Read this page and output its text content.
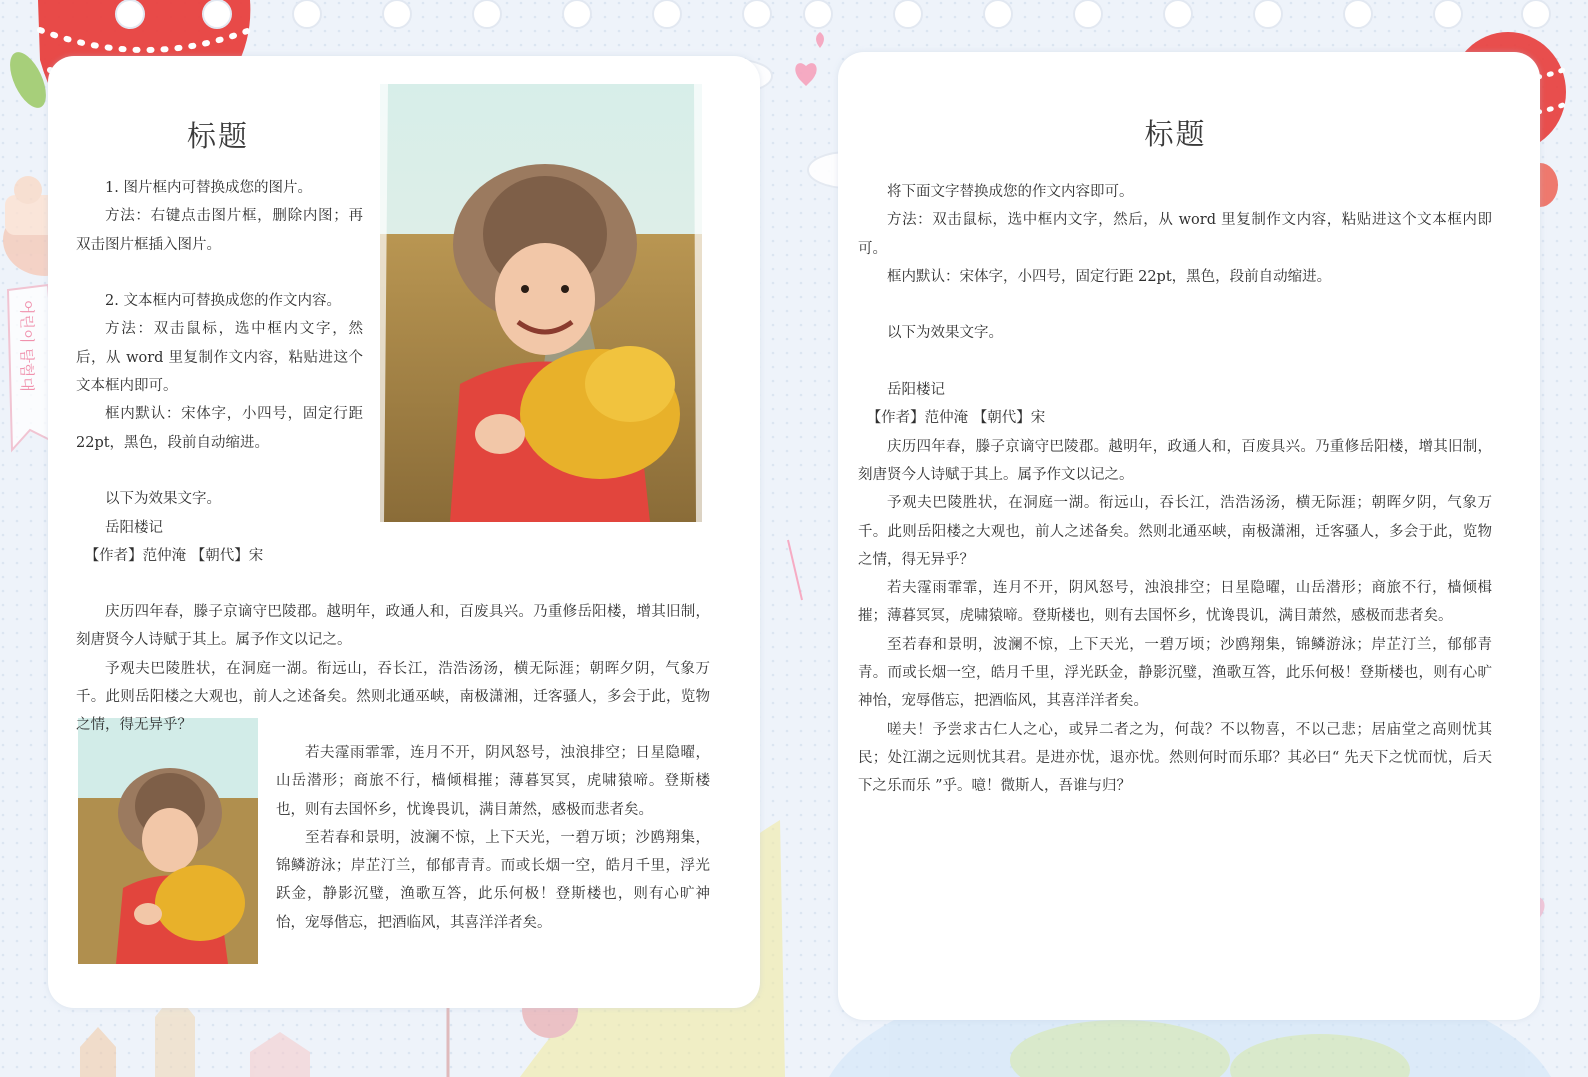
어린이 탐험대
标题

1. 图片框内可替换成您的图片。

方法：右键点击图片框，删除内图；再双击图片框插入图片。

2. 文本框内可替换成您的作文内容。

方法：双击鼠标，选中框内文字，然后，从 word 里复制作文内容，粘贴进这个文本框内即可。

框内默认：宋体字，小四号，固定行距 22pt，黑色，段前自动缩进。

以下为效果文字。

岳阳楼记

【作者】范仲淹 【朝代】宋

庆历四年春，滕子京谪守巴陵郡。越明年，政通人和，百废具兴。乃重修岳阳楼，增其旧制，刻唐贤今人诗赋于其上。属予作文以记之。

予观夫巴陵胜状，在洞庭一湖。衔远山，吞长江，浩浩汤汤，横无际涯；朝晖夕阴，气象万千。此则岳阳楼之大观也，前人之述备矣。然则北通巫峡，南极潇湘，迁客骚人，多会于此，览物之情，得无异乎？

若夫霪雨霏霏，连月不开，阴风怒号，浊浪排空；日星隐曜，山岳潜形；商旅不行，樯倾楫摧；薄暮冥冥，虎啸猿啼。登斯楼也，则有去国怀乡，忧谗畏讥，满目萧然，感极而悲者矣。

至若春和景明，波澜不惊，上下天光，一碧万顷；沙鸥翔集，锦鳞游泳；岸芷汀兰，郁郁青青。而或长烟一空，皓月千里，浮光跃金，静影沉璧，渔歌互答，此乐何极！登斯楼也，则有心旷神怡，宠辱偕忘，把酒临风，其喜洋洋者矣。

标题

将下面文字替换成您的作文内容即可。

方法：双击鼠标，选中框内文字，然后，从 word 里复制作文内容，粘贴进这个文本框内即可。

框内默认：宋体字，小四号，固定行距 22pt，黑色，段前自动缩进。

以下为效果文字。

岳阳楼记

【作者】范仲淹 【朝代】宋

庆历四年春，滕子京谪守巴陵郡。越明年，政通人和，百废具兴。乃重修岳阳楼，增其旧制，刻唐贤今人诗赋于其上。属予作文以记之。

予观夫巴陵胜状，在洞庭一湖。衔远山，吞长江，浩浩汤汤，横无际涯；朝晖夕阴，气象万千。此则岳阳楼之大观也，前人之述备矣。然则北通巫峡，南极潇湘，迁客骚人，多会于此，览物之情，得无异乎？

若夫霪雨霏霏，连月不开，阴风怒号，浊浪排空；日星隐曜，山岳潜形；商旅不行，樯倾楫摧；薄暮冥冥，虎啸猿啼。登斯楼也，则有去国怀乡，忧谗畏讥，满目萧然，感极而悲者矣。

至若春和景明，波澜不惊，上下天光，一碧万顷；沙鸥翔集，锦鳞游泳；岸芷汀兰，郁郁青青。而或长烟一空，皓月千里，浮光跃金，静影沉璧，渔歌互答，此乐何极！登斯楼也，则有心旷神怡，宠辱偕忘，把酒临风，其喜洋洋者矣。

嗟夫！予尝求古仁人之心，或异二者之为，何哉？不以物喜，不以己悲；居庙堂之高则忧其民；处江湖之远则忧其君。是进亦忧，退亦忧。然则何时而乐耶？其必曰“ 先天下之忧而忧，后天下之乐而乐 ”乎。噫！微斯人，吾谁与归？
